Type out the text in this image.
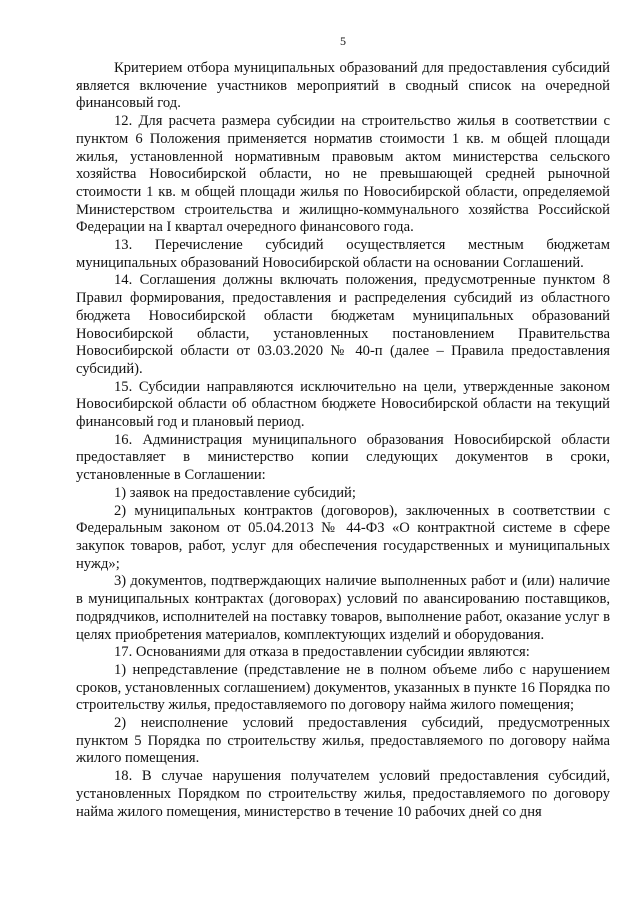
5

Критерием отбора муниципальных образований для предоставления субсидий является включение участников мероприятий в сводный список на очередной финансовый год.

12. Для расчета размера субсидии на строительство жилья в соответствии с пунктом 6 Положения применяется норматив стоимости 1 кв. м общей площади жилья, установленной нормативным правовым актом министерства сельского хозяйства Новосибирской области, но не превышающей средней рыночной стоимости 1 кв. м общей площади жилья по Новосибирской области, определяемой Министерством строительства и жилищно-коммунального хозяйства Российской Федерации на I квартал очередного финансового года.

13. Перечисление субсидий осуществляется местным бюджетам муниципальных образований Новосибирской области на основании Соглашений.

14. Соглашения должны включать положения, предусмотренные пунктом 8 Правил формирования, предоставления и распределения субсидий из областного бюджета Новосибирской области бюджетам муниципальных образований Новосибирской области, установленных постановлением Правительства Новосибирской области от 03.03.2020 № 40-п (далее – Правила предоставления субсидий).

15. Субсидии направляются исключительно на цели, утвержденные законом Новосибирской области об областном бюджете Новосибирской области на текущий финансовый год и плановый период.

16. Администрация муниципального образования Новосибирской области предоставляет в министерство копии следующих документов в сроки, установленные в Соглашении:

1) заявок на предоставление субсидий;

2) муниципальных контрактов (договоров), заключенных в соответствии с Федеральным законом от 05.04.2013 № 44-ФЗ «О контрактной системе в сфере закупок товаров, работ, услуг для обеспечения государственных и муниципальных нужд»;

3) документов, подтверждающих наличие выполненных работ и (или) наличие в муниципальных контрактах (договорах) условий по авансированию поставщиков, подрядчиков, исполнителей на поставку товаров, выполнение работ, оказание услуг в целях приобретения материалов, комплектующих изделий и оборудования.

17. Основаниями для отказа в предоставлении субсидии являются:

1) непредставление (представление не в полном объеме либо с нарушением сроков, установленных соглашением) документов, указанных в пункте 16 Порядка по строительству жилья, предоставляемого по договору найма жилого помещения;

2) неисполнение условий предоставления субсидий, предусмотренных пунктом 5 Порядка по строительству жилья, предоставляемого по договору найма жилого помещения.

18. В случае нарушения получателем условий предоставления субсидий, установленных Порядком по строительству жилья, предоставляемого по договору найма жилого помещения, министерство в течение 10 рабочих дней со дня
